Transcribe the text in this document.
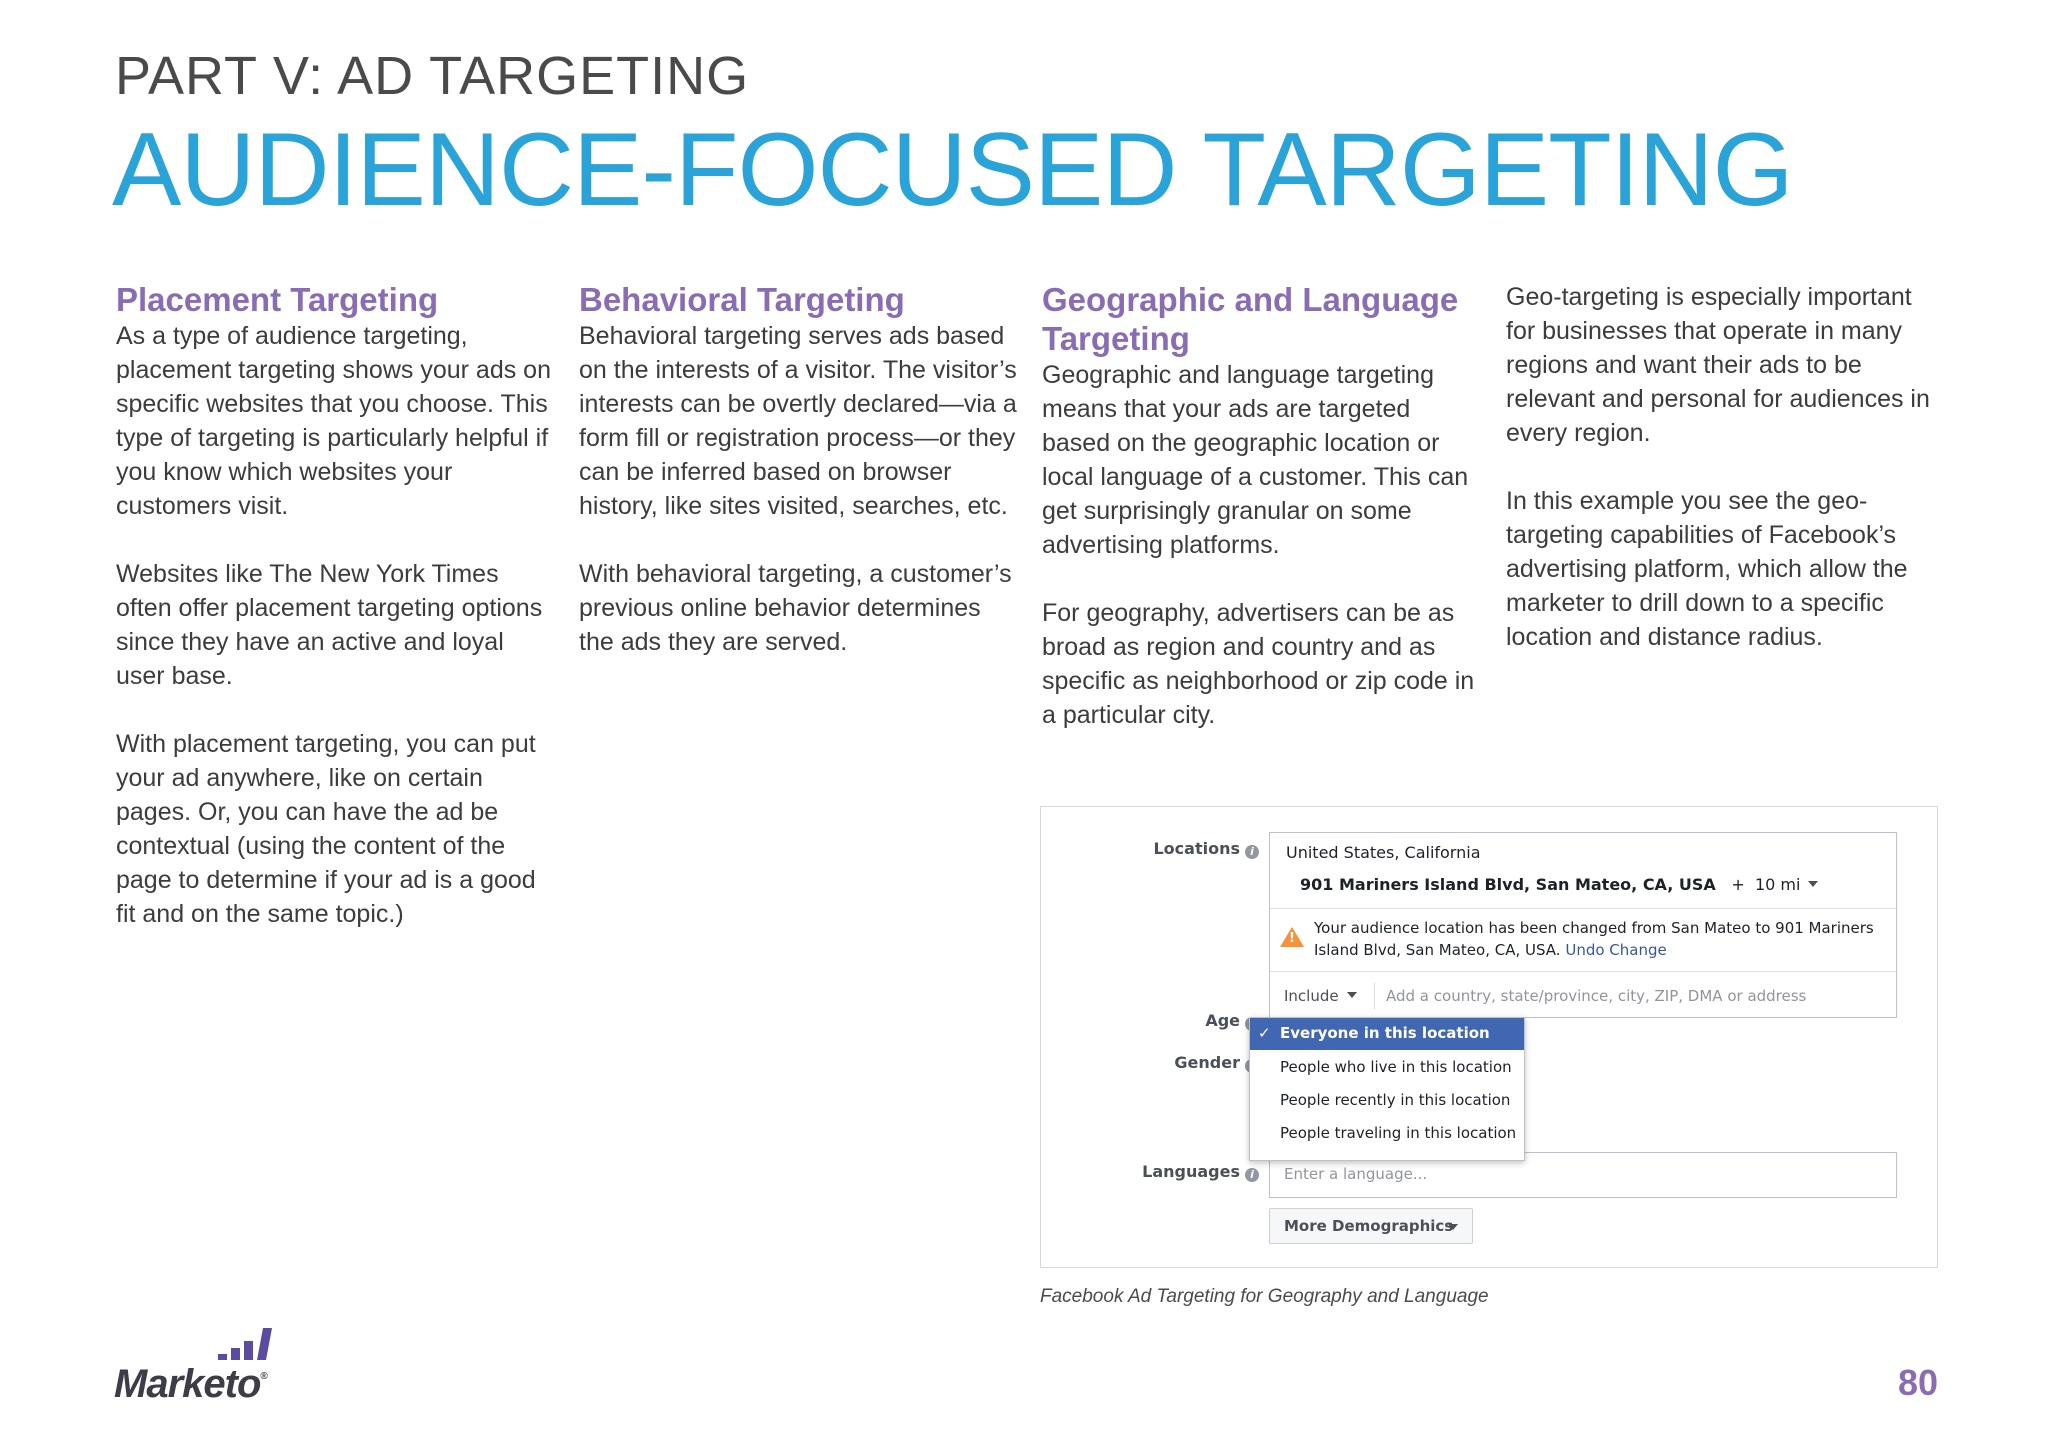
PART V: AD TARGETING
AUDIENCE-FOCUSED TARGETING
Placement Targeting

As a type of audience targeting, placement targeting shows your ads on specific websites that you choose. This type of targeting is particularly helpful if you know which websites your customers visit.

Websites like The New York Times often offer placement targeting options since they have an active and loyal user base.

With placement targeting, you can put your ad anywhere, like on certain pages. Or, you can have the ad be contextual (using the content of the page to determine if your ad is a good fit and on the same topic.)

Behavioral Targeting

Behavioral targeting serves ads based on the interests of a visitor. The visitor’s interests can be overtly declared—via a form fill or registration process—or they can be inferred based on browser history, like sites visited, searches, etc.

With behavioral targeting, a customer’s previous online behavior determines the ads they are served.

Geographic and Language Targeting

Geographic and language targeting means that your ads are targeted based on the geographic location or local language of a customer. This can get surprisingly granular on some advertising platforms.

For geography, advertisers can be as broad as region and country and as specific as neighborhood or zip code in a particular city.

Geo-targeting is especially important for businesses that operate in many regions and want their ads to be relevant and personal for audiences in every region.

In this example you see the geo-targeting capabilities of Facebook’s advertising platform, which allow the marketer to drill down to a specific location and distance radius.

Locations i	United States, California
901 Mariners Island Blvd, San Mateo, CA, USA + 10 mi
!
Your audience location has been changed from San Mateo to 901 Mariners Island Blvd, San Mateo, CA, USA. Undo Change
Include	Add a country, state/province, city, ZIP, DMA or address
Age
Gender
Languages i	Enter a language...
✓ Everyone in this location
People who live in this location
People recently in this location
People traveling in this location
More Demographics
Facebook Ad Targeting for Geography and Language
Marketo®	80
